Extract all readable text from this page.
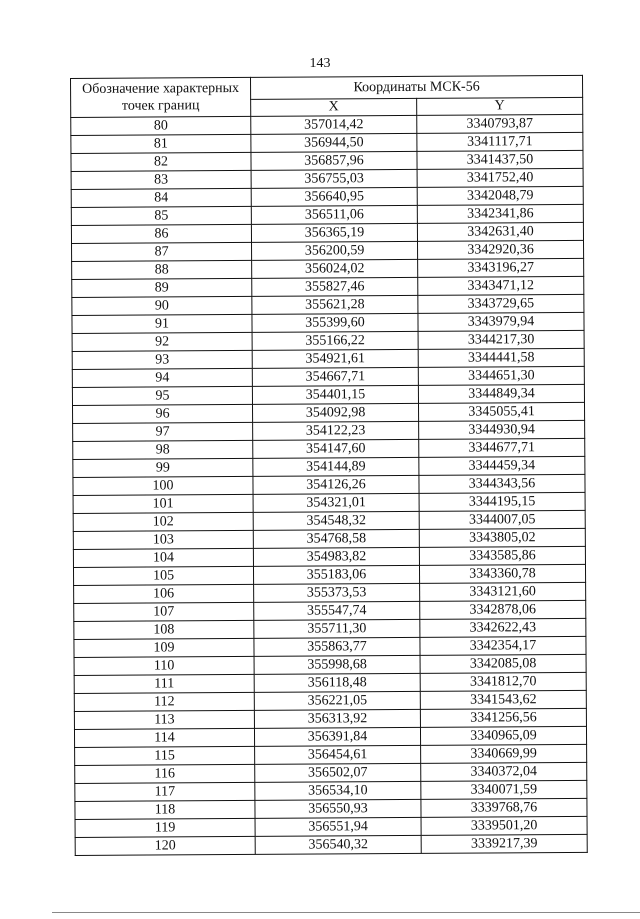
143
Обозначение характерных точек границ	Координаты МСК-56	
	X	Y
80	357014,42	3340793,87
81	356944,50	3341117,71
82	356857,96	3341437,50
83	356755,03	3341752,40
84	356640,95	3342048,79
85	356511,06	3342341,86
86	356365,19	3342631,40
87	356200,59	3342920,36
88	356024,02	3343196,27
89	355827,46	3343471,12
90	355621,28	3343729,65
91	355399,60	3343979,94
92	355166,22	3344217,30
93	354921,61	3344441,58
94	354667,71	3344651,30
95	354401,15	3344849,34
96	354092,98	3345055,41
97	354122,23	3344930,94
98	354147,60	3344677,71
99	354144,89	3344459,34
100	354126,26	3344343,56
101	354321,01	3344195,15
102	354548,32	3344007,05
103	354768,58	3343805,02
104	354983,82	3343585,86
105	355183,06	3343360,78
106	355373,53	3343121,60
107	355547,74	3342878,06
108	355711,30	3342622,43
109	355863,77	3342354,17
110	355998,68	3342085,08
111	356118,48	3341812,70
112	356221,05	3341543,62
113	356313,92	3341256,56
114	356391,84	3340965,09
115	356454,61	3340669,99
116	356502,07	3340372,04
117	356534,10	3340071,59
118	356550,93	3339768,76
119	356551,94	3339501,20
120	356540,32	3339217,39
